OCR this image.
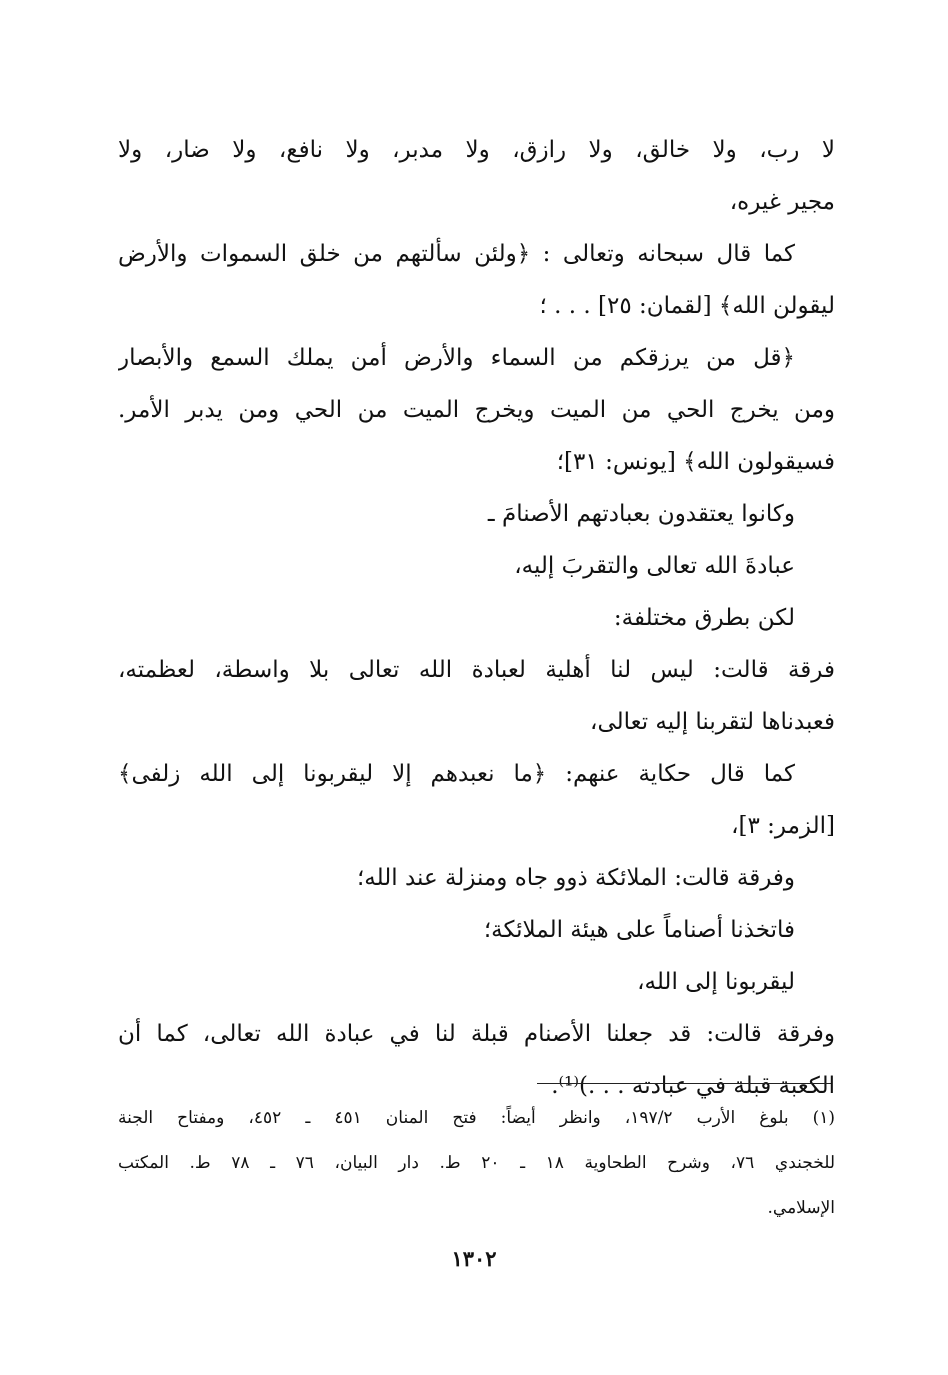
لا رب، ولا خالق، ولا رازق، ولا مدبر، ولا نافع، ولا ضار، ولا
مجير غيره،
كما قال سبحانه وتعالى : ﴿ولئن سألتهم من خلق السموات والأرض
ليقولن الله﴾ [لقمان: ٢٥] . . . ؛
﴿قل من يرزقكم من السماء والأرض أمن يملك السمع والأبصار
ومن يخرج الحي من الميت ويخرج الميت من الحي ومن يدبر الأمر.
فسيقولون الله﴾ [يونس: ٣١]؛
وكانوا يعتقدون بعبادتهم الأصنامَ ـ
عبادةَ الله تعالى والتقربَ إليه،
لكن بطرق مختلفة:
فرقة قالت: ليس لنا أهلية لعبادة الله تعالى بلا واسطة، لعظمته،
فعبدناها لتقربنا إليه تعالى،
كما قال حكاية عنهم: ﴿ما نعبدهم إلا ليقربونا إلى الله زلفى﴾
[الزمر: ٣]،
وفرقة قالت: الملائكة ذوو جاه ومنزلة عند الله؛
فاتخذنا أصناماً على هيئة الملائكة؛
ليقربونا إلى الله،
وفرقة قالت: قد جعلنا الأصنام قبلة لنا في عبادة الله تعالى، كما أن
الكعبة قبلة في عبادته . . .)⁽¹⁾.
(١) بلوغ الأرب ١٩٧/٢، وانظر أيضاً: فتح المنان ٤٥١ ـ ٤٥٢، ومفتاح الجنة
للخجندي ٧٦، وشرح الطحاوية ١٨ ـ ٢٠ ط. دار البيان، ٧٦ ـ ٧٨ ط. المكتب
الإسلامي.
١٣٠٢
